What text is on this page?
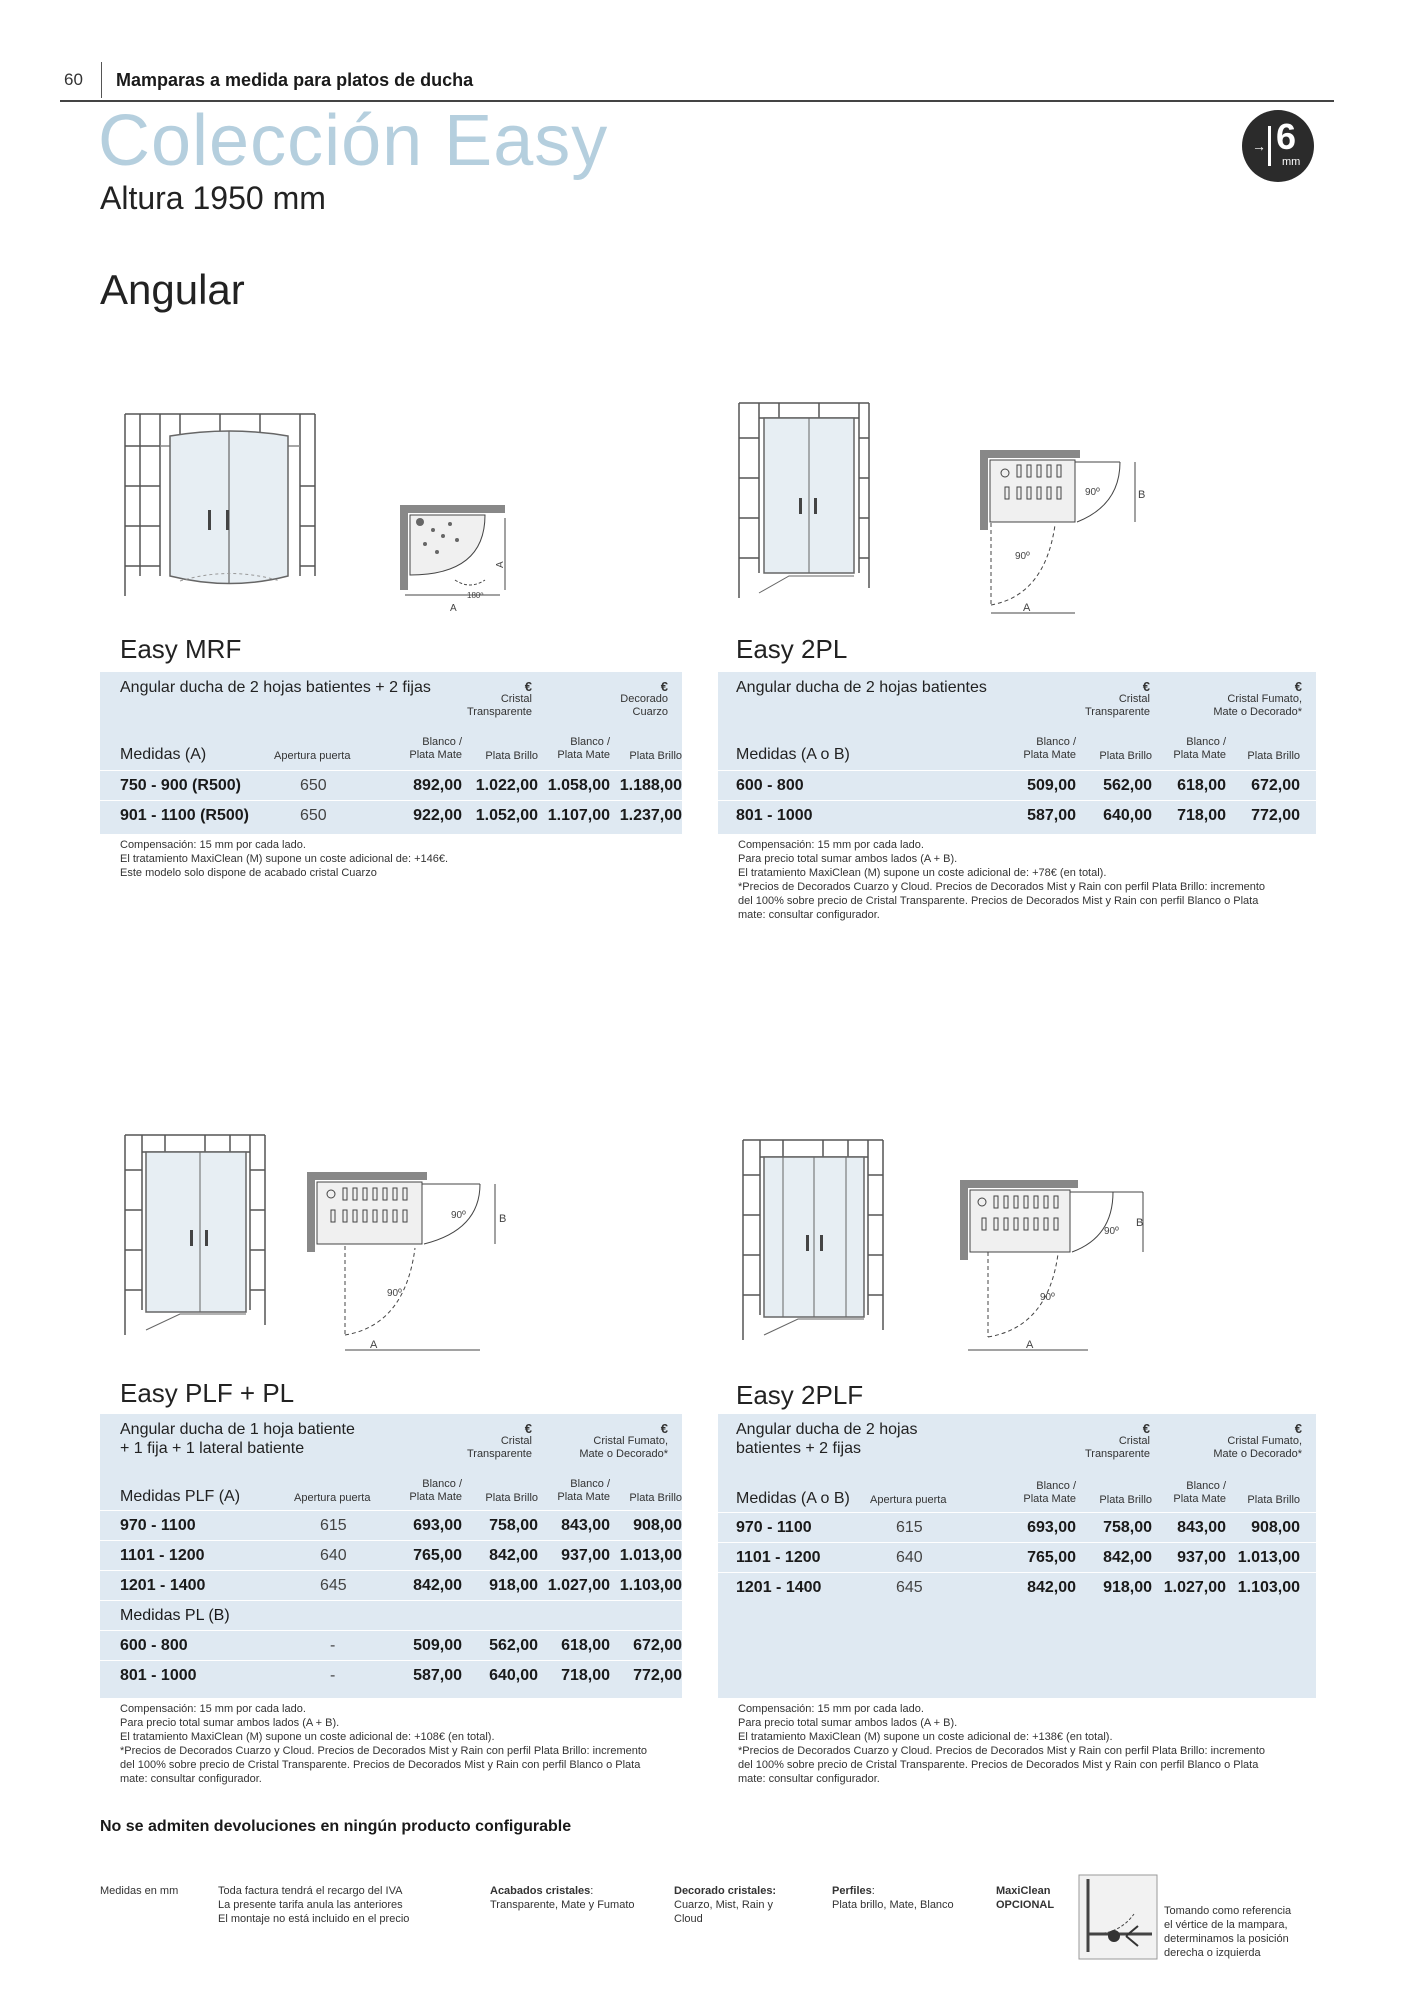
60 Mamparas a medida para platos de ducha
Colección Easy
Altura 1950 mm
Angular
→ 6
mm
A
A
180º
Easy MRF
Angular ducha de 2 hojas batientes + 2 fijas	€
Cristal
Transparente
€
Decorado
Cuarzo
Medidas (A)	Apertura puerta
Blanco /
Plata Mate	Plata Brillo
Blanco /
Plata Mate	Plata Brillo
750 - 900 (R500)	650	892,00 1.022,00 1.058,00 1.188,00
901 - 1100 (R500)	650	922,00 1.052,00 1.107,00 1.237,00
Compensación: 15 mm por cada lado.
El tratamiento MaxiClean (M) supone un coste adicional de: +146€.
Este modelo solo dispone de acabado cristal Cuarzo
90º
90º
B
A
Easy 2PL
Angular ducha de 2 hojas batientes	€
Cristal
Transparente
€
Cristal Fumato,
Mate o Decorado*
Medidas (A o B)
Blanco /
Plata Mate	Plata Brillo
Blanco /
Plata Mate	Plata Brillo
600 - 800	509,00	562,00	618,00	672,00
801 - 1000	587,00	640,00	718,00	772,00
Compensación: 15 mm por cada lado.
Para precio total sumar ambos lados (A + B).
El tratamiento MaxiClean (M) supone un coste adicional de: +78€ (en total).
*Precios de Decorados Cuarzo y Cloud. Precios de Decorados Mist y Rain con perfil Plata Brillo: incremento
del 100% sobre precio de Cristal Transparente. Precios de Decorados Mist y Rain con perfil Blanco o Plata
mate: consultar configurador.
90º
90º
B
A
Easy PLF + PL
Angular ducha de 1 hoja batiente
+ 1 fija + 1 lateral batiente
€
Cristal
Transparente
€
Cristal Fumato,
Mate o Decorado*
Medidas PLF (A)	Apertura puerta
Blanco /
Plata Mate	Plata Brillo
Blanco /
Plata Mate	Plata Brillo
970 - 1100	615	693,00	758,00	843,00	908,00
1101 - 1200	640	765,00	842,00	937,00 1.013,00
1201 - 1400	645	842,00	918,00 1.027,00 1.103,00
Medidas PL (B)
600 - 800	-	509,00	562,00	618,00	672,00
801 - 1000	-	587,00	640,00	718,00	772,00
Compensación: 15 mm por cada lado.
Para precio total sumar ambos lados (A + B).
El tratamiento MaxiClean (M) supone un coste adicional de: +108€ (en total).
*Precios de Decorados Cuarzo y Cloud. Precios de Decorados Mist y Rain con perfil Plata Brillo: incremento
del 100% sobre precio de Cristal Transparente. Precios de Decorados Mist y Rain con perfil Blanco o Plata
mate: consultar configurador.
90º
90º
B
A
Easy 2PLF
Angular ducha de 2 hojas
batientes + 2 fijas
€
Cristal
Transparente
€
Cristal Fumato,
Mate o Decorado*
Medidas (A o B) Apertura puerta
Blanco /
Plata Mate	Plata Brillo
Blanco /
Plata Mate	Plata Brillo
970 - 1100	615	693,00	758,00	843,00	908,00
1101 - 1200	640	765,00	842,00	937,00 1.013,00
1201 - 1400	645	842,00	918,00 1.027,00 1.103,00
Compensación: 15 mm por cada lado.
Para precio total sumar ambos lados (A + B).
El tratamiento MaxiClean (M) supone un coste adicional de: +138€ (en total).
*Precios de Decorados Cuarzo y Cloud. Precios de Decorados Mist y Rain con perfil Plata Brillo: incremento
del 100% sobre precio de Cristal Transparente. Precios de Decorados Mist y Rain con perfil Blanco o Plata
mate: consultar configurador.
No se admiten devoluciones en ningún producto configurable
Medidas en mm	Toda factura tendrá el recargo del IVA
La presente tarifa anula las anteriores
El montaje no está incluido en el precio
Acabados cristales:
Transparente, Mate y Fumato
Decorado cristales:
Cuarzo, Mist, Rain y
Cloud
Perfiles:
Plata brillo, Mate, Blanco
MaxiClean
OPCIONAL	Tomando como referencia
el vértice de la mampara,
determinamos la posición
derecha o izquierda
